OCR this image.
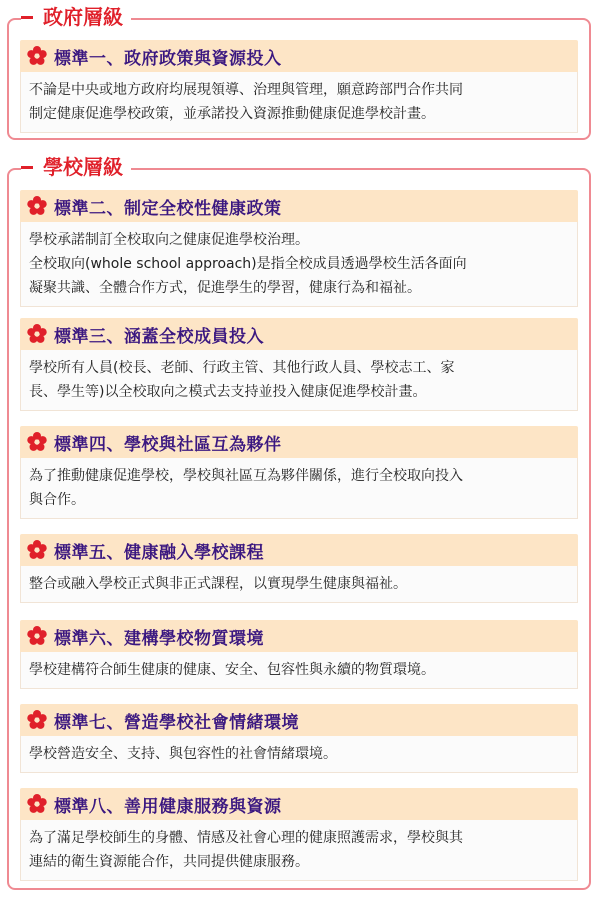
政府層級
標準一、政府政策與資源投入
不論是中央或地方政府均展現領導、治理與管理，願意跨部門合作共同
制定健康促進學校政策，並承諾投入資源推動健康促進學校計畫。
學校層級
標準二、制定全校性健康政策
學校承諾制訂全校取向之健康促進學校治理。
全校取向(whole school approach)是指全校成員透過學校生活各面向
凝聚共識、全體合作方式，促進學生的學習，健康行為和福祉。
標準三、涵蓋全校成員投入
學校所有人員(校長、老師、行政主管、其他行政人員、學校志工、家
長、學生等)以全校取向之模式去支持並投入健康促進學校計畫。
標準四、學校與社區互為夥伴
為了推動健康促進學校，學校與社區互為夥伴關係，進行全校取向投入
與合作。
標準五、健康融入學校課程
整合或融入學校正式與非正式課程，以實現學生健康與福祉。
標準六、建構學校物質環境
學校建構符合師生健康的健康、安全、包容性與永續的物質環境。
標準七、營造學校社會情緒環境
學校營造安全、支持、與包容性的社會情緒環境。
標準八、善用健康服務與資源
為了滿足學校師生的身體、情感及社會心理的健康照護需求，學校與其
連結的衛生資源能合作，共同提供健康服務。
